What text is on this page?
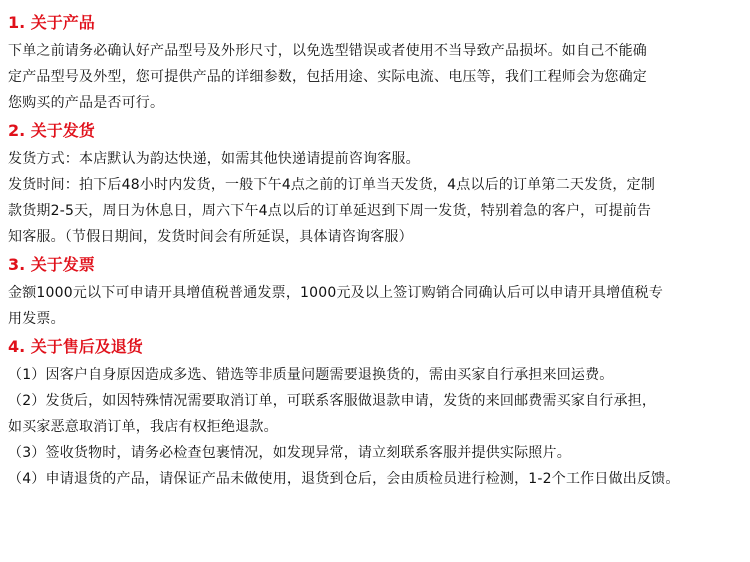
1. 关于产品
下单之前请务必确认好产品型号及外形尺寸，以免选型错误或者使用不当导致产品损坏。如自己不能确
定产品型号及外型，您可提供产品的详细参数，包括用途、实际电流、电压等，我们工程师会为您确定
您购买的产品是否可行。
2. 关于发货
发货方式：本店默认为韵达快递，如需其他快递请提前咨询客服。
发货时间：拍下后48小时内发货，一般下午4点之前的订单当天发货，4点以后的订单第二天发货，定制
款货期2-5天，周日为休息日，周六下午4点以后的订单延迟到下周一发货，特别着急的客户，可提前告
知客服。（节假日期间，发货时间会有所延误，具体请咨询客服）
3. 关于发票
金额1000元以下可申请开具增值税普通发票，1000元及以上签订购销合同确认后可以申请开具增值税专
用发票。
4. 关于售后及退货
（1）因客户自身原因造成多选、错选等非质量问题需要退换货的，需由买家自行承担来回运费。
（2）发货后，如因特殊情况需要取消订单，可联系客服做退款申请，发货的来回邮费需买家自行承担，
如买家恶意取消订单，我店有权拒绝退款。
（3）签收货物时，请务必检查包裹情况，如发现异常，请立刻联系客服并提供实际照片。
（4）申请退货的产品，请保证产品未做使用，退货到仓后，会由质检员进行检测，1-2个工作日做出反馈。
